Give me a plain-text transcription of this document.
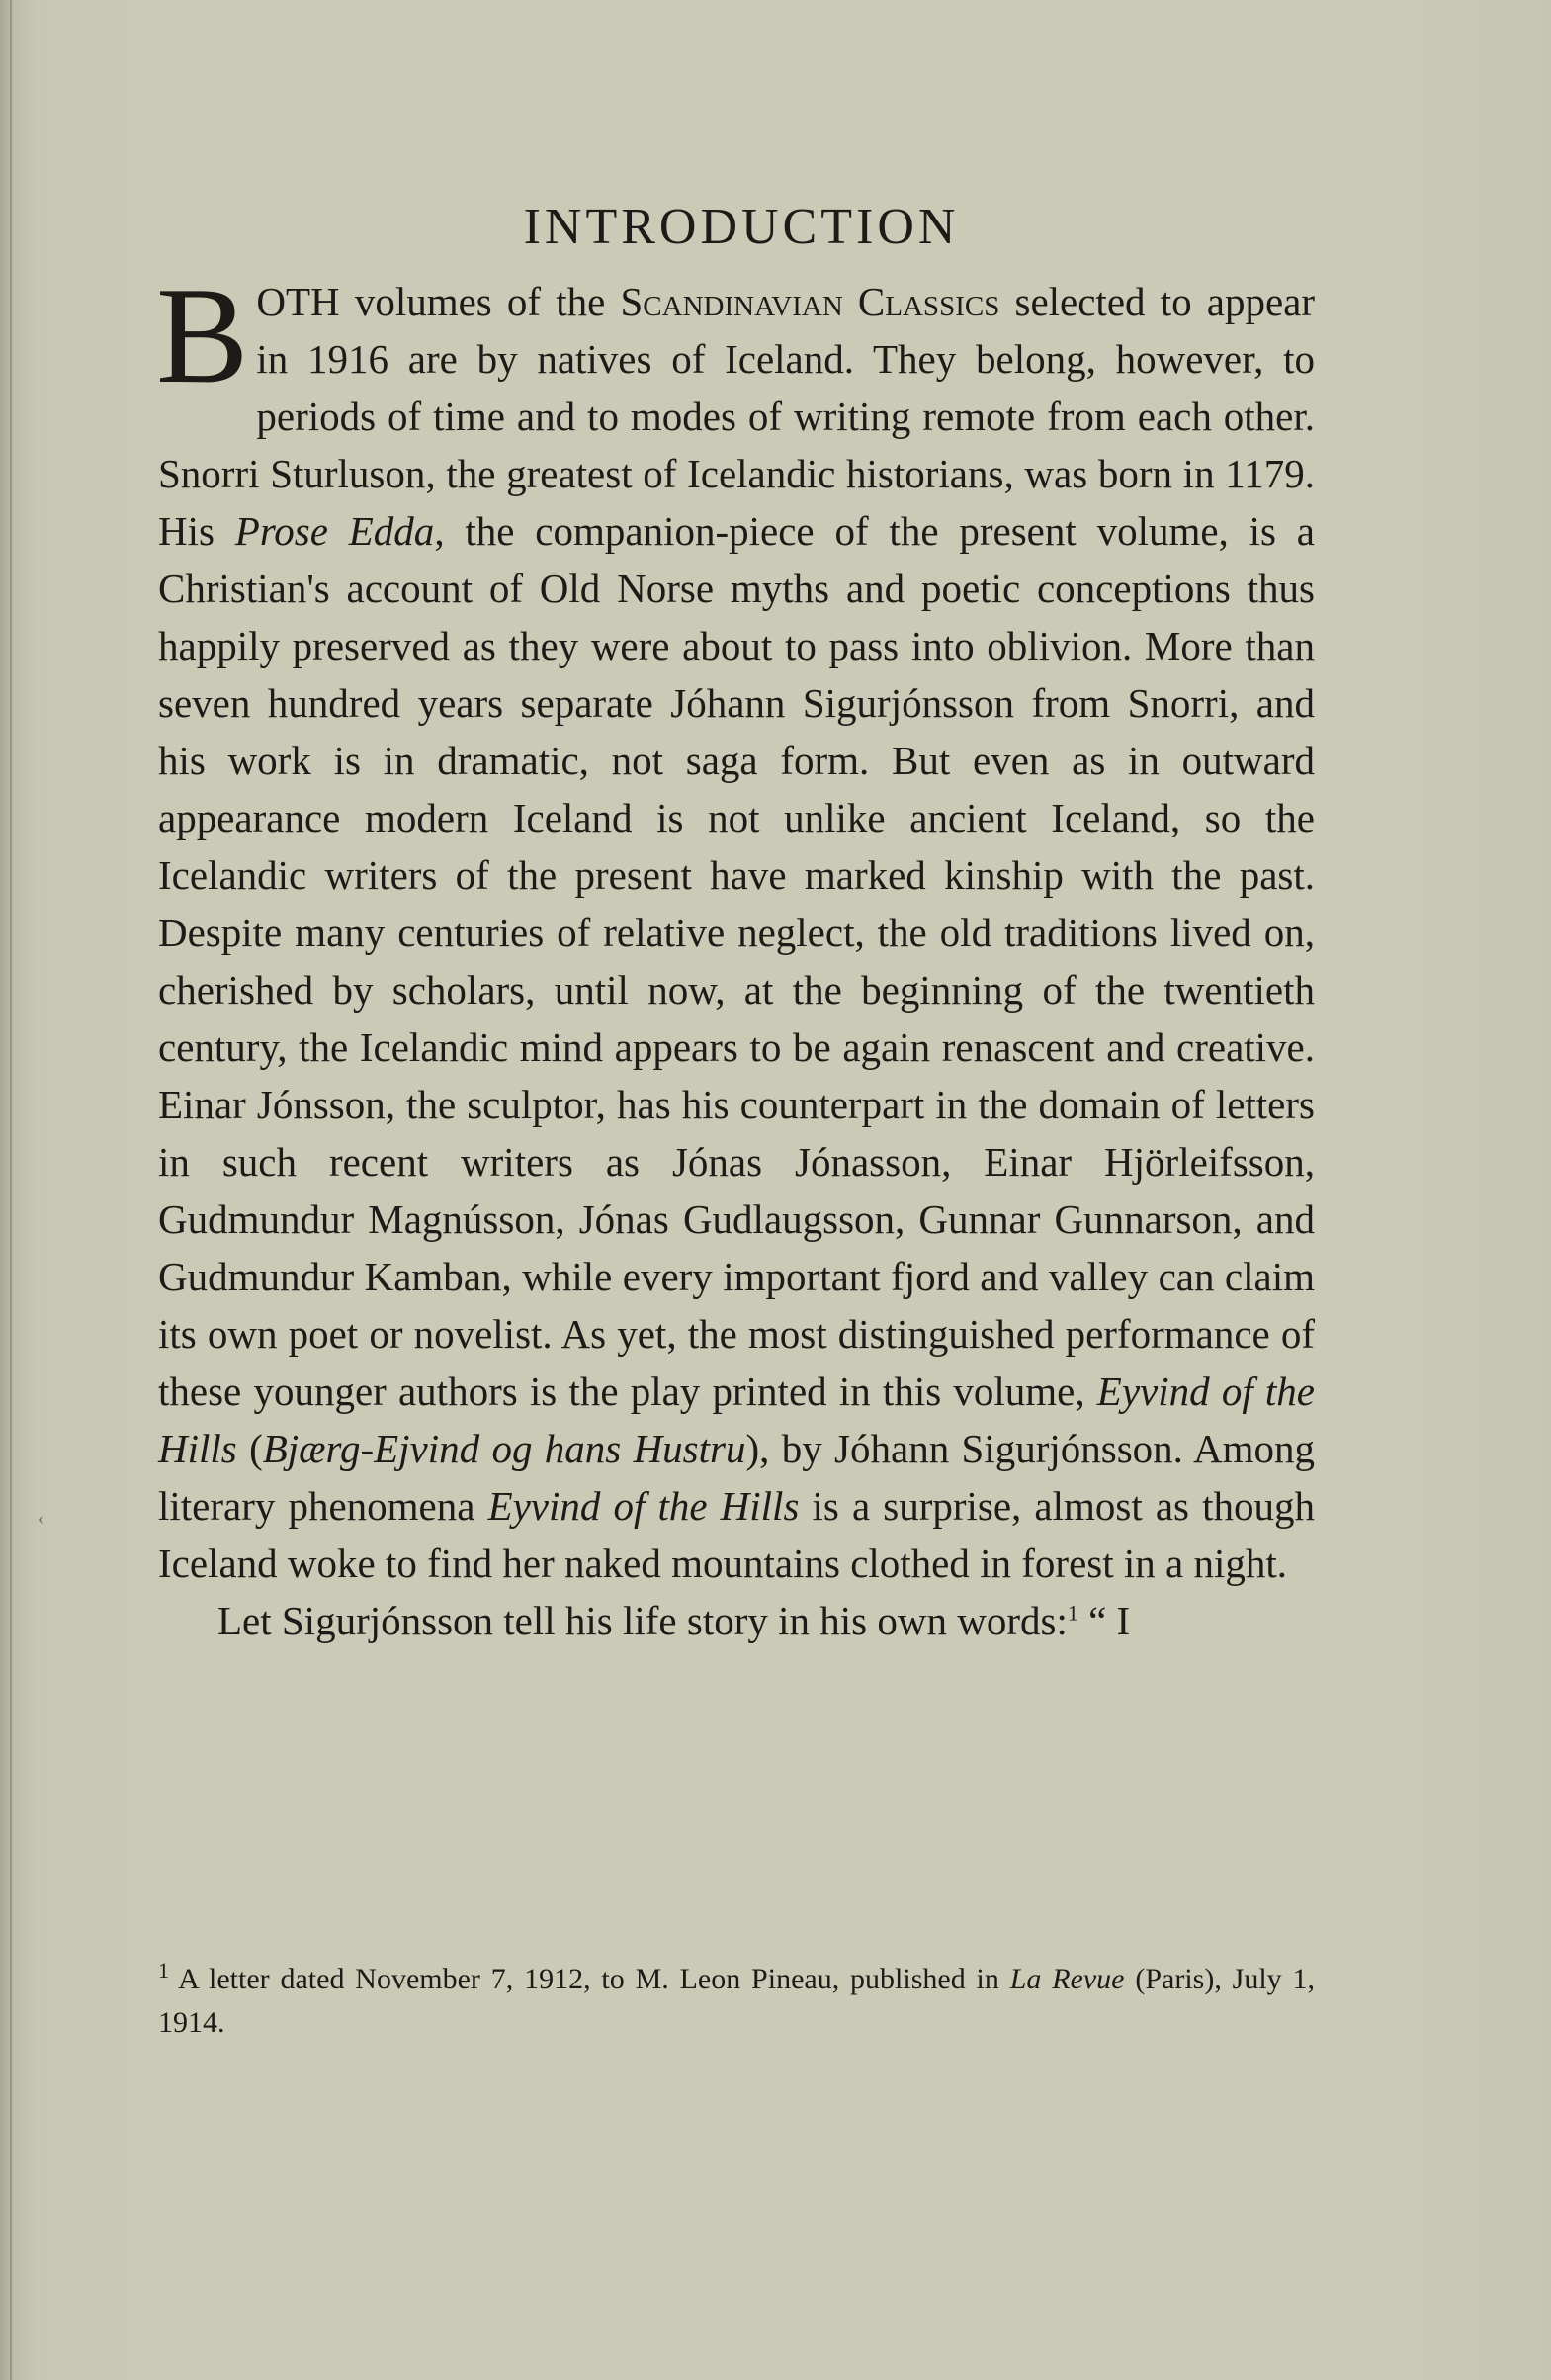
‹
INTRODUCTION

BOTH volumes of the Scandinavian Classics selected to appear in 1916 are by natives of Iceland. They belong, however, to periods of time and to modes of writing remote from each other. Snorri Sturluson, the greatest of Icelandic historians, was born in 1179. His Prose Edda, the companion-piece of the present volume, is a Christian's account of Old Norse myths and poetic conceptions thus happily preserved as they were about to pass into oblivion. More than seven hundred years separate Jóhann Sigurjónsson from Snorri, and his work is in dramatic, not saga form. But even as in outward appearance modern Iceland is not unlike ancient Iceland, so the Icelandic writers of the present have marked kinship with the past. Despite many centuries of relative neglect, the old traditions lived on, cherished by scholars, until now, at the beginning of the twentieth century, the Icelandic mind appears to be again renascent and creative. Einar Jónsson, the sculptor, has his counterpart in the domain of letters in such recent writers as Jónas Jónasson, Einar Hjörleifsson, Gudmundur Magnússon, Jónas Gudlaugsson, Gunnar Gunnarson, and Gudmundur Kamban, while every important fjord and valley can claim its own poet or novelist. As yet, the most distinguished performance of these younger authors is the play printed in this volume, Eyvind of the Hills (Bjærg-Ejvind og hans Hustru), by Jóhann Sigurjónsson. Among literary phenomena Eyvind of the Hills is a surprise, almost as though Iceland woke to find her naked mountains clothed in forest in a night.

Let Sigurjónsson tell his life story in his own words:$^1$ “ I

$^1$ A letter dated November 7, 1912, to M. Leon Pineau, published in La Revue (Paris), July 1, 1914.
